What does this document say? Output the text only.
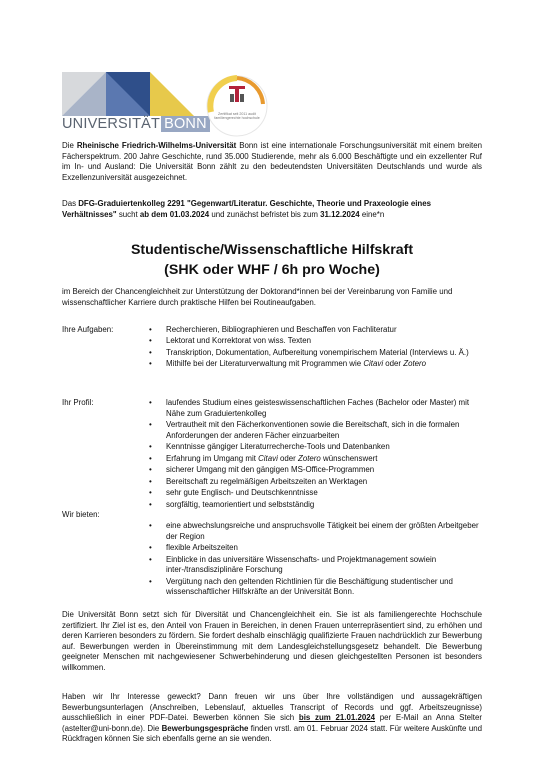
UNIVERSITÄT BONN
Zertifikat seit 2011 audit familiengerechte hochschule

Die Rheinische Friedrich-Wilhelms-Universität Bonn ist eine internationale Forschungsuniversität mit einem breiten Fächerspektrum. 200 Jahre Geschichte, rund 35.000 Studierende, mehr als 6.000 Beschäftigte und ein exzellenter Ruf im In- und Ausland: Die Universität Bonn zählt zu den bedeutendsten Universitäten Deutschlands und wurde als Exzellenzuniversität ausgezeichnet.

Das DFG-Graduiertenkolleg 2291 "Gegenwart/Literatur. Geschichte, Theorie und Praxeologie eines Verhältnisses" sucht ab dem 01.03.2024 und zunächst befristet bis zum 31.12.2024 eine*n

Studentische/Wissenschaftliche Hilfskraft
(SHK oder WHF / 6h pro Woche)

im Bereich der Chancengleichheit zur Unterstützung der Doktorand*innen bei der Vereinbarung von Familie und wissenschaftlicher Karriere durch praktische Hilfen bei Routineaufgaben.

Ihre Aufgaben:	• Recherchieren, Bibliographieren und Beschaffen von Fachliteratur
• Lektorat und Korrektorat von wiss. Texten
• Transkription, Dokumentation, Aufbereitung vonempirischem Material (Interviews u. Ä.)
• Mithilfe bei der Literaturverwaltung mit Programmen wie Citavi oder Zotero
Ihr Profil:	• laufendes Studium eines geisteswissenschaftlichen Faches (Bachelor oder Master) mit Nähe zum Graduiertenkolleg
• Vertrautheit mit den Fächerkonventionen sowie die Bereitschaft, sich in die formalen Anforderungen der anderen Fächer einzuarbeiten
• Kenntnisse gängiger Literaturrecherche-Tools und Datenbanken
• Erfahrung im Umgang mit Citavi oder Zotero wünschenswert
• sicherer Umgang mit den gängigen MS-Office-Programmen
• Bereitschaft zu regelmäßigen Arbeitszeiten an Werktagen
• sehr gute Englisch- und Deutschkenntnisse
• sorgfältig, teamorientiert und selbstständig
Wir bieten:
• eine abwechslungsreiche und anspruchsvolle Tätigkeit bei einem der größten Arbeitgeber der Region
• flexible Arbeitszeiten
• Einblicke in das universitäre Wissenschafts- und Projektmanagement sowiein inter-/transdisziplinäre Forschung
• Vergütung nach den geltenden Richtlinien für die Beschäftigung studentischer und wissenschaftlicher Hilfskräfte an der Universität Bonn.

Die Universität Bonn setzt sich für Diversität und Chancengleichheit ein. Sie ist als familiengerechte Hochschule zertifiziert. Ihr Ziel ist es, den Anteil von Frauen in Bereichen, in denen Frauen unterrepräsentiert sind, zu erhöhen und deren Karrieren besonders zu fördern. Sie fordert deshalb einschlägig qualifizierte Frauen nachdrücklich zur Bewerbung auf. Bewerbungen werden in Übereinstimmung mit dem Landesgleichstellungsgesetz behandelt. Die Bewerbung geeigneter Menschen mit nachgewiesener Schwerbehinderung und diesen gleichgestellten Personen ist besonders willkommen.

Haben wir Ihr Interesse geweckt? Dann freuen wir uns über Ihre vollständigen und aussagekräftigen Bewerbungsunterlagen (Anschreiben, Lebenslauf, aktuelles Transcript of Records und ggf. Arbeitszeugnisse) ausschließlich in einer PDF-Datei. Bewerben können Sie sich bis zum 21.01.2024 per E-Mail an Anna Stelter (astelter@uni-bonn.de). Die Bewerbungsgespräche finden vrstl. am 01. Februar 2024 statt. Für weitere Auskünfte und Rückfragen können Sie sich ebenfalls gerne an sie wenden.
